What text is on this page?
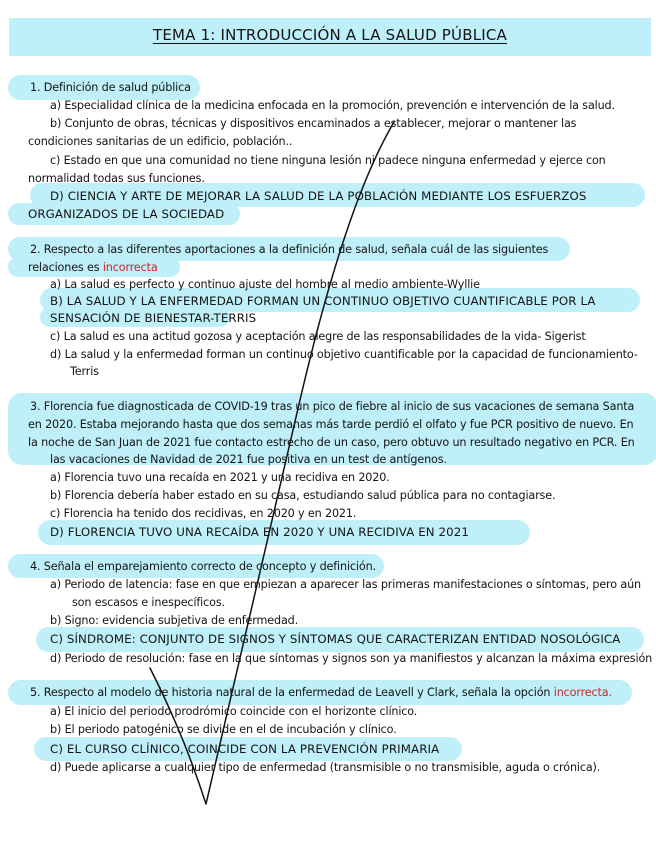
TEMA 1: INTRODUCCIÓN A LA SALUD PÚBLICA
1. Definición de salud pública
a) Especialidad clínica de la medicina enfocada en la promoción, prevención e intervención de la salud.
b) Conjunto de obras, técnicas y dispositivos encaminados a establecer, mejorar o mantener las
condiciones sanitarias de un edificio, población..
c) Estado en que una comunidad no tiene ninguna lesión ni padece ninguna enfermedad y ejerce con
normalidad todas sus funciones.
D) CIENCIA Y ARTE DE MEJORAR LA SALUD DE LA POBLACIÓN MEDIANTE LOS ESFUERZOS
ORGANIZADOS DE LA SOCIEDAD
2. Respecto a las diferentes aportaciones a la definición de salud, señala cuál de las siguientes
relaciones es incorrecta
a) La salud es perfecto y continuo ajuste del hombre al medio ambiente-Wyllie
B) LA SALUD Y LA ENFERMEDAD FORMAN UN CONTINUO OBJETIVO CUANTIFICABLE POR LA
SENSACIÓN DE BIENESTAR-TERRIS
c) La salud es una actitud gozosa y aceptación alegre de las responsabilidades de la vida- Sigerist
d) La salud y la enfermedad forman un continuo objetivo cuantificable por la capacidad de funcionamiento-
Terris
3. Florencia fue diagnosticada de COVID-19 tras un pico de fiebre al inicio de sus vacaciones de semana Santa
en 2020. Estaba mejorando hasta que dos semanas más tarde perdió el olfato y fue PCR positivo de nuevo. En
la noche de San Juan de 2021 fue contacto estrecho de un caso, pero obtuvo un resultado negativo en PCR. En
las vacaciones de Navidad de 2021 fue positiva en un test de antígenos.
a) Florencia tuvo una recaída en 2021 y una recidiva en 2020.
b) Florencia debería haber estado en su casa, estudiando salud pública para no contagiarse.
c) Florencia ha tenido dos recidivas, en 2020 y en 2021.
D) FLORENCIA TUVO UNA RECAÍDA EN 2020 Y UNA RECIDIVA EN 2021
4. Señala el emparejamiento correcto de concepto y definición.
a) Periodo de latencia: fase en que empiezan a aparecer las primeras manifestaciones o síntomas, pero aún
son escasos e inespecíficos.
b) Signo: evidencia subjetiva de enfermedad.
C) SÍNDROME: CONJUNTO DE SIGNOS Y SÍNTOMAS QUE CARACTERIZAN ENTIDAD NOSOLÓGICA
d) Periodo de resolución: fase en la que síntomas y signos son ya manifiestos y alcanzan la máxima expresión
5. Respecto al modelo de historia natural de la enfermedad de Leavell y Clark, señala la opción incorrecta.
a) El inicio del periodo prodrómico coincide con el horizonte clínico.
b) El periodo patogénico se divide en el de incubación y clínico.
C) EL CURSO CLÍNICO, COINCIDE CON LA PREVENCIÓN PRIMARIA
d) Puede aplicarse a cualquier tipo de enfermedad (transmisible o no transmisible, aguda o crónica).
